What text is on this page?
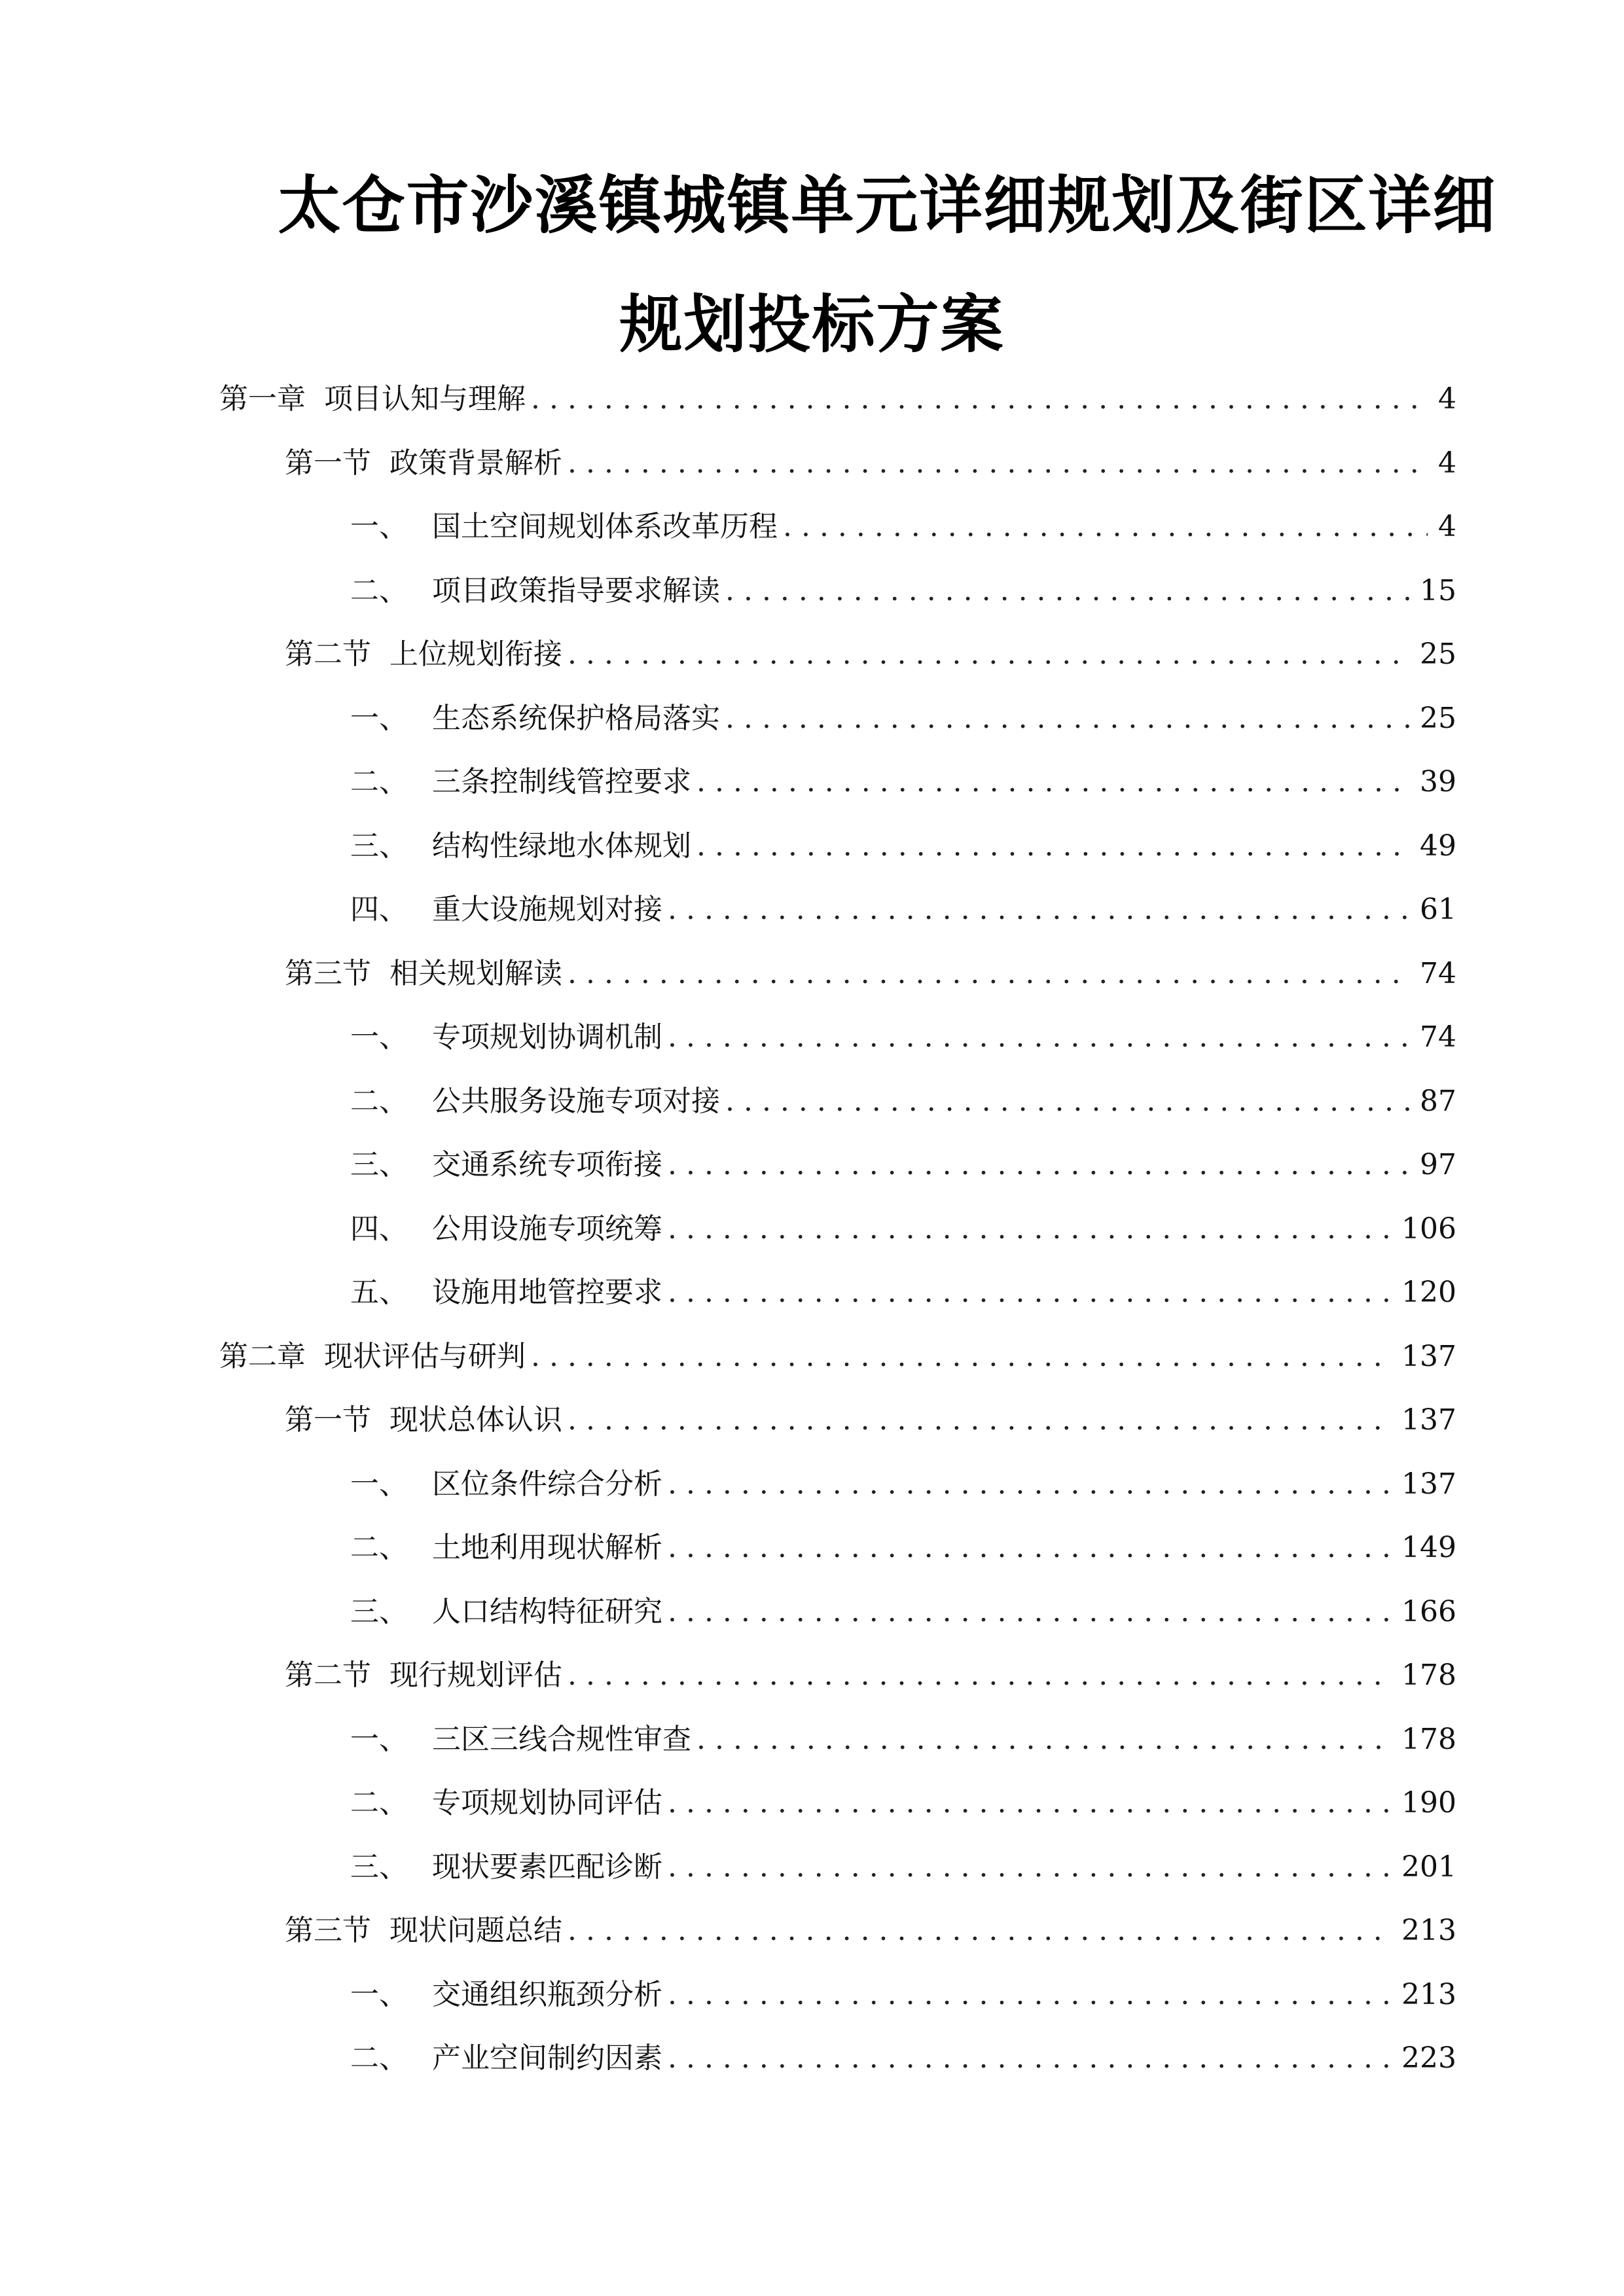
太仓市沙溪镇城镇单元详细规划及街区详细
规划投标方案
第一章 项目认知与理解 . . .	4
第一节 政策背景解析 . . .	4
一、 国土空间规划体系改革历程 . . .	4
二、 项目政策指导要求解读 . . .	15
第二节 上位规划衔接 . . .	25
一、 生态系统保护格局落实 . . .	25
二、 三条控制线管控要求 . . .	39
三、 结构性绿地水体规划 . . .	49
四、 重大设施规划对接 . . .	61
第三节 相关规划解读 . . .	74
一、 专项规划协调机制 . . .	74
二、 公共服务设施专项对接 . . .	87
三、 交通系统专项衔接 . . .	97
四、 公用设施专项统筹 . . .	106
五、 设施用地管控要求 . . .	120
第二章 现状评估与研判 . . .	137
第一节 现状总体认识 . . .	137
一、 区位条件综合分析 . . .	137
二、 土地利用现状解析 . . .	149
三、 人口结构特征研究 . . .	166
第二节 现行规划评估 . . .	178
一、 三区三线合规性审查 . . .	178
二、 专项规划协同评估 . . .	190
三、 现状要素匹配诊断 . . .	201
第三节 现状问题总结 . . .	213
一、 交通组织瓶颈分析 . . .	213
二、 产业空间制约因素 . . .	223
